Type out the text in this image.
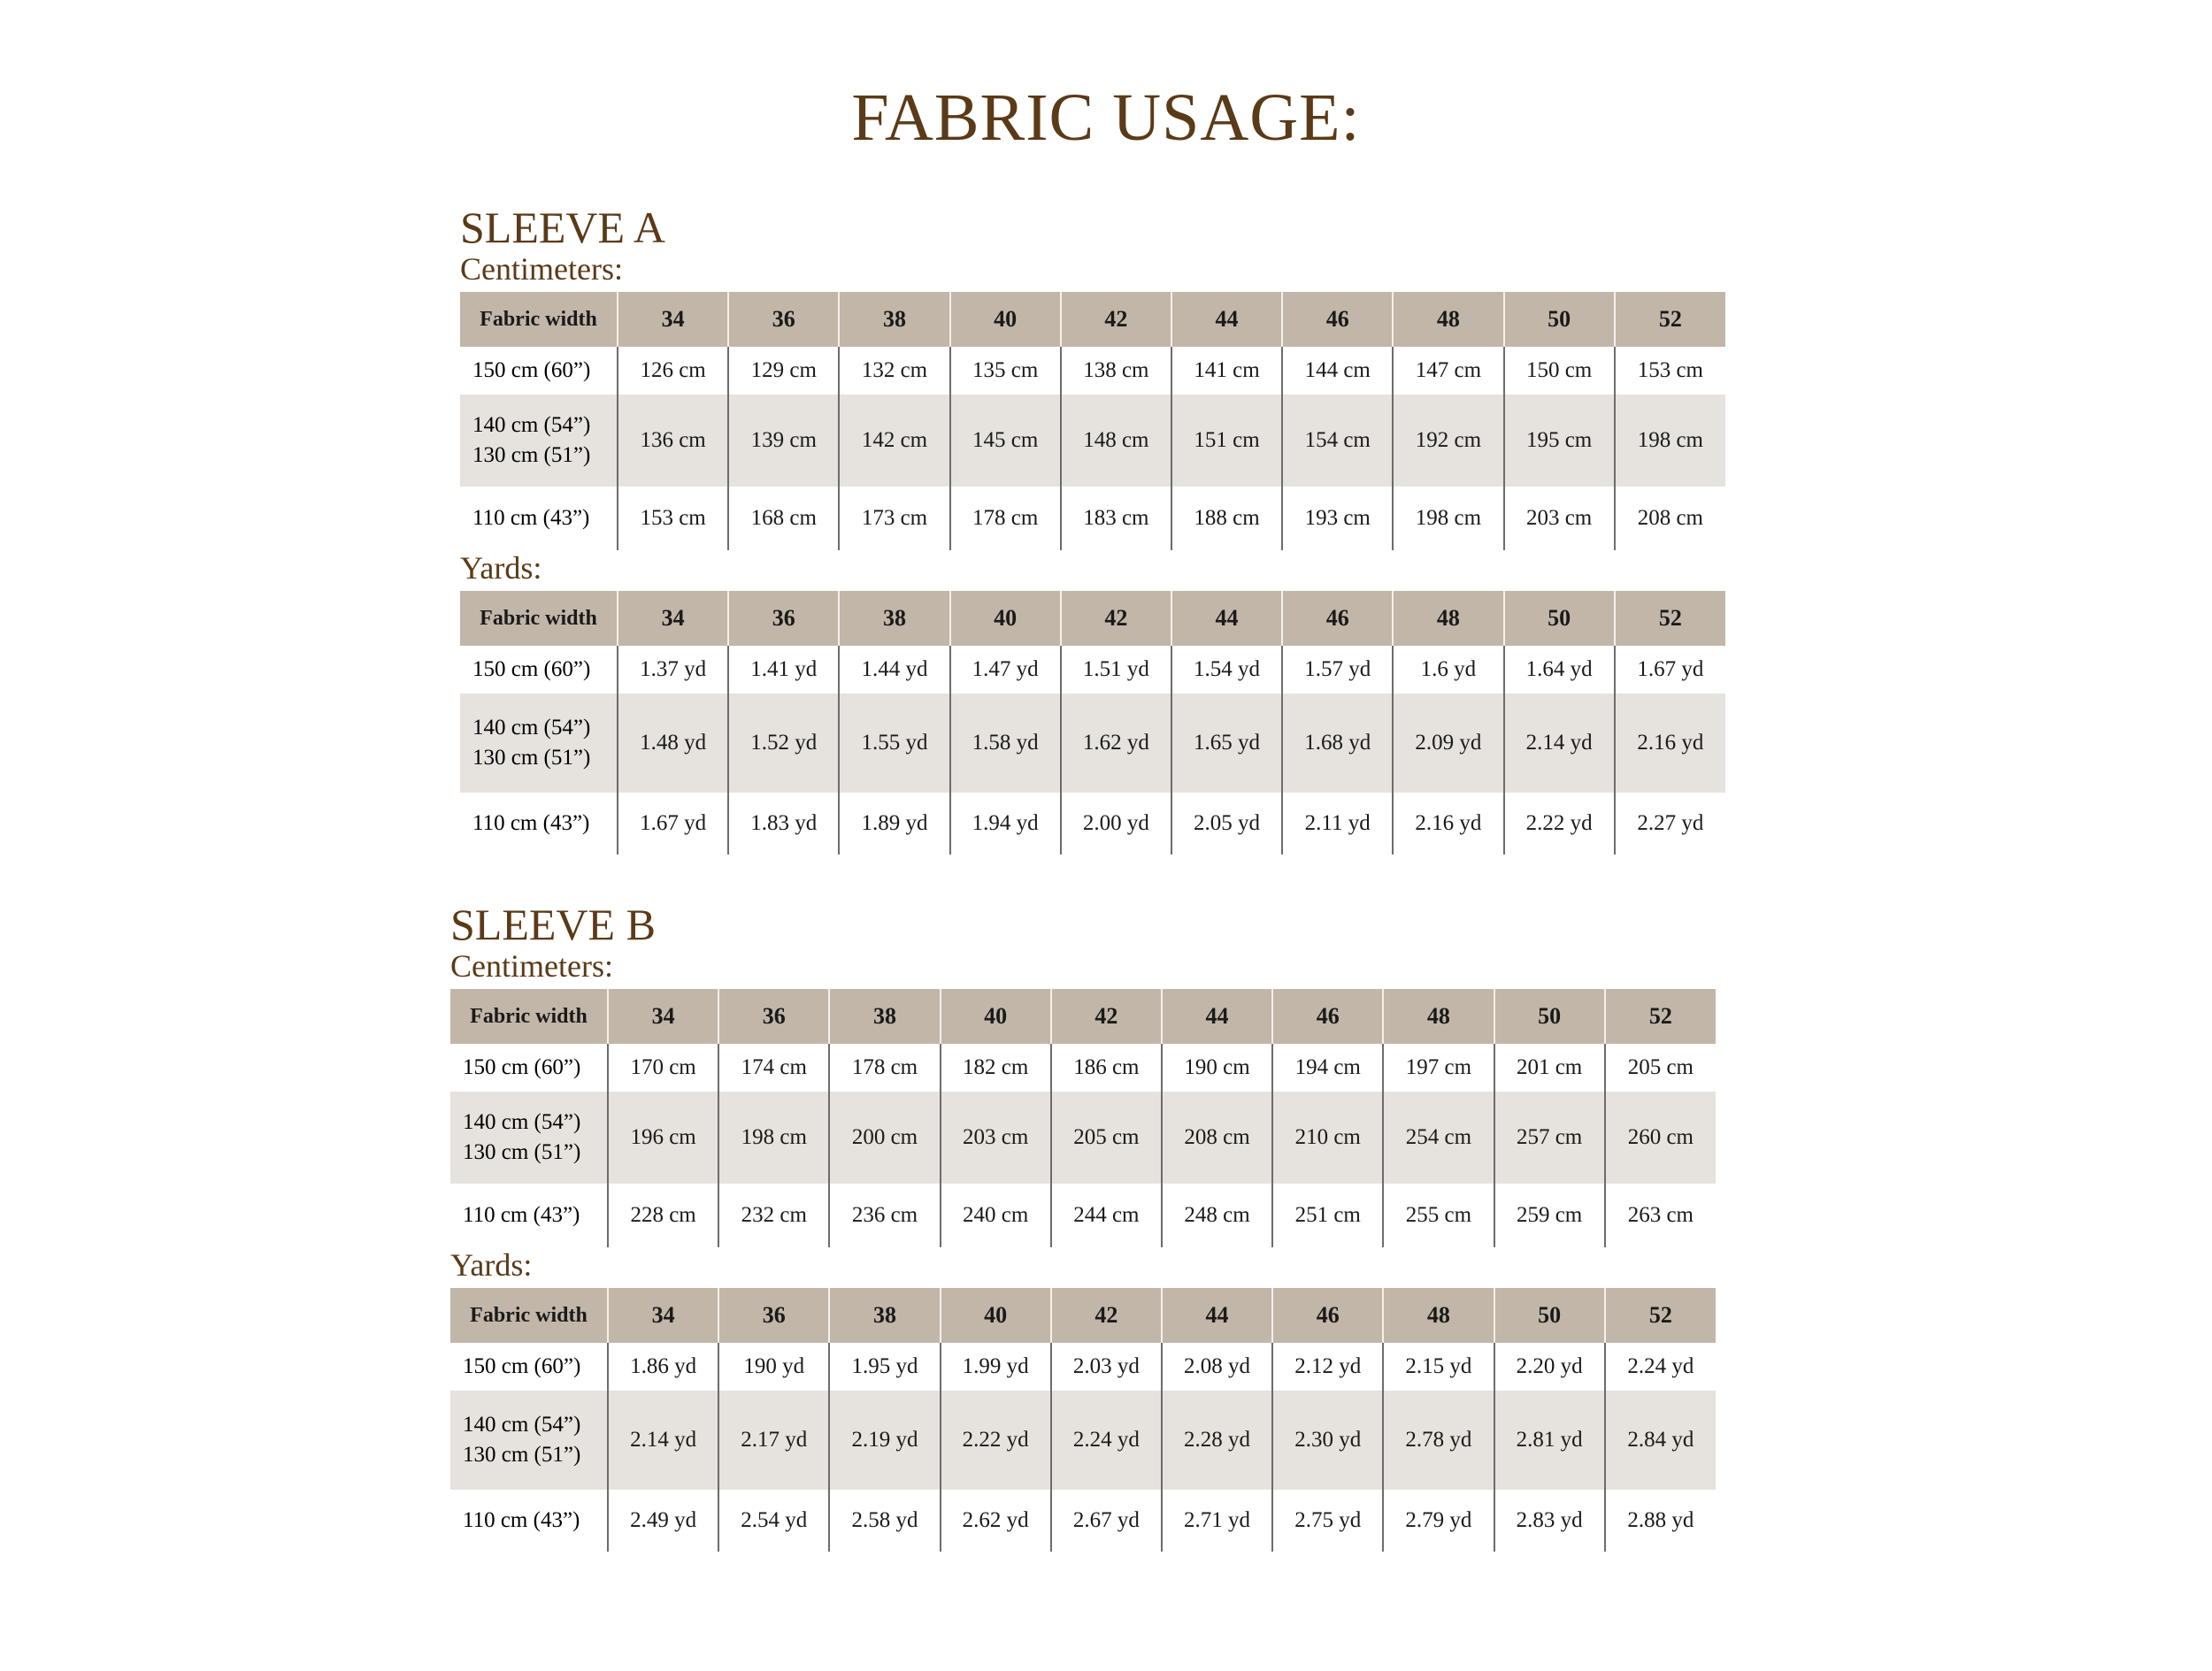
FABRIC USAGE:
SLEEVE A
Centimeters:
Fabric width	34	36	38	40	42	44	46	48	50	52
150 cm (60”)	126 cm	129 cm	132 cm	135 cm	138 cm	141 cm	144 cm	147 cm	150 cm	153 cm

140 cm (54”)
130 cm (51”)	136 cm	139 cm	142 cm	145 cm	148 cm	151 cm	154 cm	192 cm	195 cm	198 cm
110 cm (43”)	153 cm	168 cm	173 cm	178 cm	183 cm	188 cm	193 cm	198 cm	203 cm	208 cm
Yards:
Fabric width	34	36	38	40	42	44	46	48	50	52
150 cm (60”)	1.37 yd	1.41 yd	1.44 yd	1.47 yd	1.51 yd	1.54 yd	1.57 yd	1.6 yd	1.64 yd	1.67 yd

140 cm (54”)
130 cm (51”)	1.48 yd	1.52 yd	1.55 yd	1.58 yd	1.62 yd	1.65 yd	1.68 yd	2.09 yd	2.14 yd	2.16 yd
110 cm (43”)	1.67 yd	1.83 yd	1.89 yd	1.94 yd	2.00 yd	2.05 yd	2.11 yd	2.16 yd	2.22 yd	2.27 yd
SLEEVE B
Centimeters:
Fabric width	34	36	38	40	42	44	46	48	50	52
150 cm (60”)	170 cm	174 cm	178 cm	182 cm	186 cm	190 cm	194 cm	197 cm	201 cm	205 cm

140 cm (54”)
130 cm (51”)	196 cm	198 cm	200 cm	203 cm	205 cm	208 cm	210 cm	254 cm	257 cm	260 cm
110 cm (43”)	228 cm	232 cm	236 cm	240 cm	244 cm	248 cm	251 cm	255 cm	259 cm	263 cm
Yards:
Fabric width	34	36	38	40	42	44	46	48	50	52
150 cm (60”)	1.86 yd	190 yd	1.95 yd	1.99 yd	2.03 yd	2.08 yd	2.12 yd	2.15 yd	2.20 yd	2.24 yd

140 cm (54”)
130 cm (51”)	2.14 yd	2.17 yd	2.19 yd	2.22 yd	2.24 yd	2.28 yd	2.30 yd	2.78 yd	2.81 yd	2.84 yd
110 cm (43”)	2.49 yd	2.54 yd	2.58 yd	2.62 yd	2.67 yd	2.71 yd	2.75 yd	2.79 yd	2.83 yd	2.88 yd
